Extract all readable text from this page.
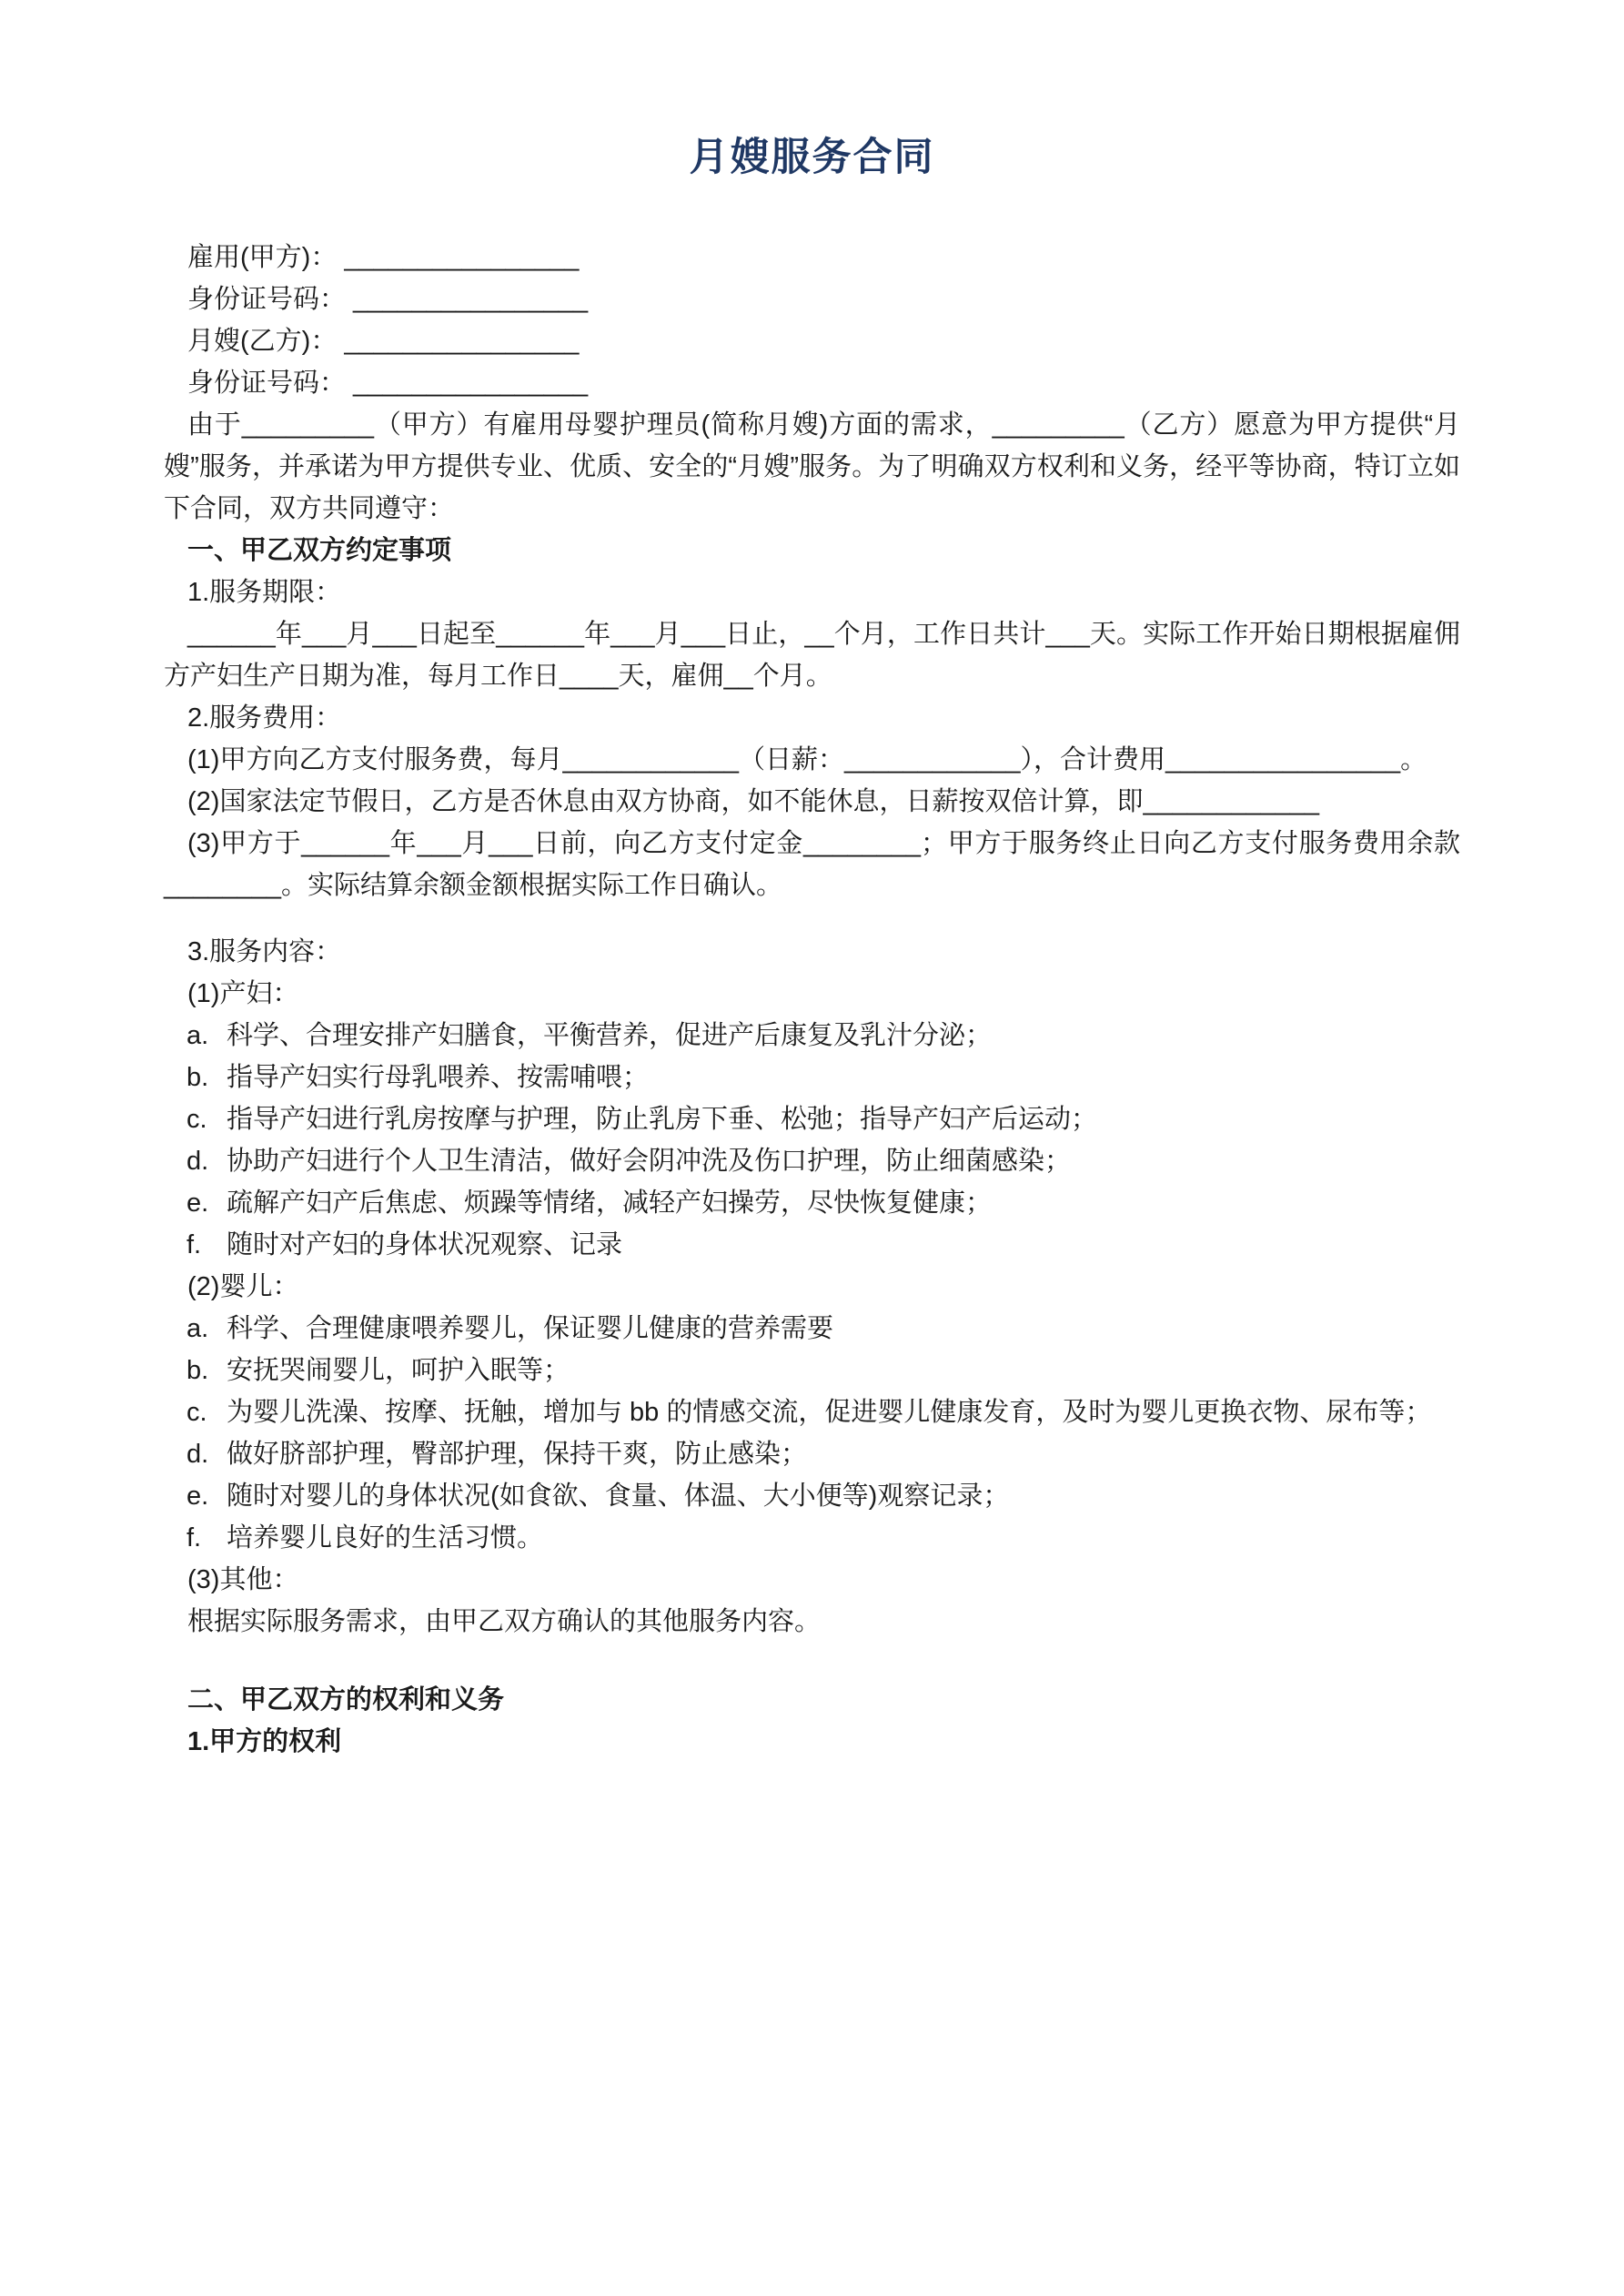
月嫂服务合同
雇用(甲方)： ________________
身份证号码： ________________
月嫂(乙方)： ________________
身份证号码： ________________
由于_________（甲方）有雇用母婴护理员(简称月嫂)方面的需求，_________（乙方）愿意为甲方提供“月嫂”服务，并承诺为甲方提供专业、优质、安全的“月嫂”服务。为了明确双方权利和义务，经平等协商，特订立如下合同，双方共同遵守：
一、甲乙双方约定事项
1.服务期限：
______年___月___日起至______年___月___日止，__个月，工作日共计___天。实际工作开始日期根据雇佣方产妇生产日期为准，每月工作日____天，雇佣__个月。
2.服务费用：
(1)甲方向乙方支付服务费，每月____________（日薪：____________），合计费用________________。
(2)国家法定节假日，乙方是否休息由双方协商，如不能休息，日薪按双倍计算，即____________
(3)甲方于______年___月___日前，向乙方支付定金________；甲方于服务终止日向乙方支付服务费用余款________。实际结算余额金额根据实际工作日确认。
3.服务内容：
(1)产妇：
a. 科学、合理安排产妇膳食，平衡营养，促进产后康复及乳汁分泌；
b. 指导产妇实行母乳喂养、按需哺喂；
c. 指导产妇进行乳房按摩与护理，防止乳房下垂、松弛；指导产妇产后运动；
d. 协助产妇进行个人卫生清洁，做好会阴冲洗及伤口护理，防止细菌感染；
e. 疏解产妇产后焦虑、烦躁等情绪，减轻产妇操劳，尽快恢复健康；
f. 随时对产妇的身体状况观察、记录
(2)婴儿：
a. 科学、合理健康喂养婴儿，保证婴儿健康的营养需要
b. 安抚哭闹婴儿，呵护入眠等；
c. 为婴儿洗澡、按摩、抚触，增加与 bb 的情感交流，促进婴儿健康发育，及时为婴儿更换衣物、尿布等；
d. 做好脐部护理，臀部护理，保持干爽，防止感染；
e. 随时对婴儿的身体状况(如食欲、食量、体温、大小便等)观察记录；
f. 培养婴儿良好的生活习惯。
(3)其他：
根据实际服务需求，由甲乙双方确认的其他服务内容。
二、甲乙双方的权利和义务
1.甲方的权利
